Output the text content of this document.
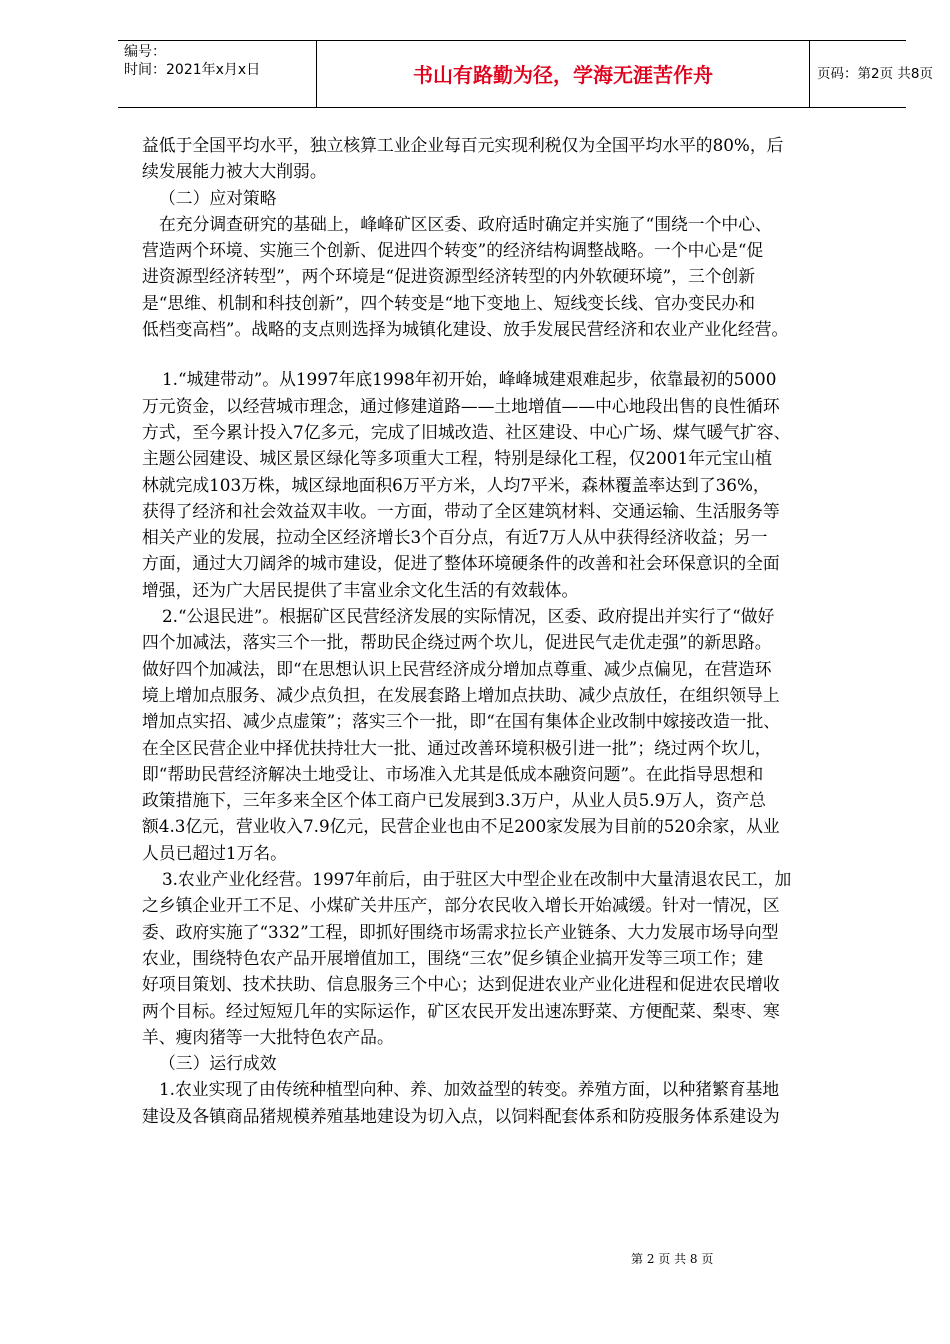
编号：
时间：2021年x月x日	书山有路勤为径，学海无涯苦作舟	页码：第2页 共8页
益低于全国平均水平，独立核算工业企业每百元实现利税仅为全国平均水平的80%，后
续发展能力被大大削弱。
（二）应对策略
在充分调查研究的基础上，峰峰矿区区委、政府适时确定并实施了“围绕一个中心、
营造两个环境、实施三个创新、促进四个转变”的经济结构调整战略。一个中心是“促
进资源型经济转型”，两个环境是“促进资源型经济转型的内外软硬环境”，三个创新
是“思维、机制和科技创新”，四个转变是“地下变地上、短线变长线、官办变民办和
低档变高档”。战略的支点则选择为城镇化建设、放手发展民营经济和农业产业化经营。
1.“城建带动”。从1997年底1998年初开始，峰峰城建艰难起步，依靠最初的5000
万元资金，以经营城市理念，通过修建道路——土地增值——中心地段出售的良性循环
方式，至今累计投入7亿多元，完成了旧城改造、社区建设、中心广场、煤气暖气扩容、
主题公园建设、城区景区绿化等多项重大工程，特别是绿化工程，仅2001年元宝山植
林就完成103万株，城区绿地面积6万平方米，人均7平米，森林覆盖率达到了36%，
获得了经济和社会效益双丰收。一方面，带动了全区建筑材料、交通运输、生活服务等
相关产业的发展，拉动全区经济增长3个百分点，有近7万人从中获得经济收益；另一
方面，通过大刀阔斧的城市建设，促进了整体环境硬条件的改善和社会环保意识的全面
增强，还为广大居民提供了丰富业余文化生活的有效载体。
2.“公退民进”。根据矿区民营经济发展的实际情况，区委、政府提出并实行了“做好
四个加减法，落实三个一批，帮助民企绕过两个坎儿，促进民气走优走强”的新思路。
做好四个加减法，即“在思想认识上民营经济成分增加点尊重、减少点偏见，在营造环
境上增加点服务、减少点负担，在发展套路上增加点扶助、减少点放任，在组织领导上
增加点实招、减少点虚策”；落实三个一批，即“在国有集体企业改制中嫁接改造一批、
在全区民营企业中择优扶持壮大一批、通过改善环境积极引进一批”；绕过两个坎儿，
即“帮助民营经济解决土地受让、市场准入尤其是低成本融资问题”。在此指导思想和
政策措施下，三年多来全区个体工商户已发展到3.3万户，从业人员5.9万人，资产总
额4.3亿元，营业收入7.9亿元，民营企业也由不足200家发展为目前的520余家，从业
人员已超过1万名。
3.农业产业化经营。1997年前后，由于驻区大中型企业在改制中大量清退农民工，加
之乡镇企业开工不足、小煤矿关井压产，部分农民收入增长开始减缓。针对一情况，区
委、政府实施了“332”工程，即抓好围绕市场需求拉长产业链条、大力发展市场导向型
农业，围绕特色农产品开展增值加工，围绕“三农”促乡镇企业搞开发等三项工作；建
好项目策划、技术扶助、信息服务三个中心；达到促进农业产业化进程和促进农民增收
两个目标。经过短短几年的实际运作，矿区农民开发出速冻野菜、方便配菜、梨枣、寒
羊、瘦肉猪等一大批特色农产品。
（三）运行成效
1.农业实现了由传统种植型向种、养、加效益型的转变。养殖方面，以种猪繁育基地
建设及各镇商品猪规模养殖基地建设为切入点，以饲料配套体系和防疫服务体系建设为
第 2 页 共 8 页
